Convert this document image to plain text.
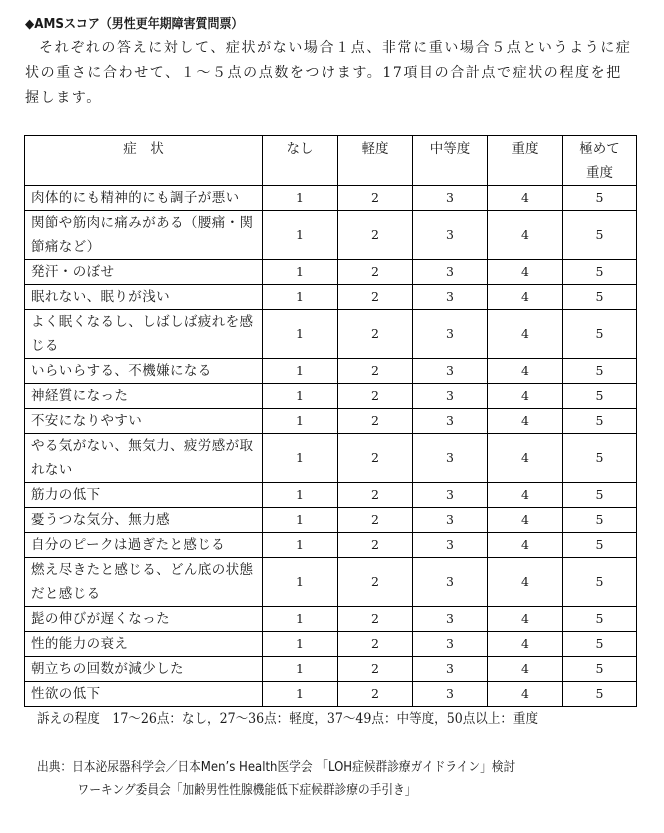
◆AMSスコア（男性更年期障害質問票）
それぞれの答えに対して、症状がない場合１点、非常に重い場合５点というように症
状の重さに合わせて、１～５点の点数をつけます。17項目の合計点で症状の程度を把
握します。
症　状	なし	軽度	中等度	重度	極めて
重度
肉体的にも精神的にも調子が悪い	1	2	3	4	5
関節や筋肉に痛みがある（腰痛・関節痛など）	1	2	3	4	5
発汗・のぼせ	1	2	3	4	5
眠れない、眠りが浅い	1	2	3	4	5
よく眠くなるし、しばしば疲れを感じる	1	2	3	4	5
いらいらする、不機嫌になる	1	2	3	4	5
神経質になった	1	2	3	4	5
不安になりやすい	1	2	3	4	5
やる気がない、無気力、疲労感が取れない	1	2	3	4	5
筋力の低下	1	2	3	4	5
憂うつな気分、無力感	1	2	3	4	5
自分のピークは過ぎたと感じる	1	2	3	4	5
燃え尽きたと感じる、どん底の状態だと感じる	1	2	3	4	5
髭の伸びが遅くなった	1	2	3	4	5
性的能力の衰え	1	2	3	4	5
朝立ちの回数が減少した	1	2	3	4	5
性欲の低下	1	2	3	4	5
訴えの程度　17～26点：なし，27～36点：軽度，37～49点：中等度，50点以上：重度
出典：日本泌尿器科学会／日本Men’s Health医学会 「LOH症候群診療ガイドライン」検討
ワーキング委員会「加齢男性性腺機能低下症候群診療の手引き」
